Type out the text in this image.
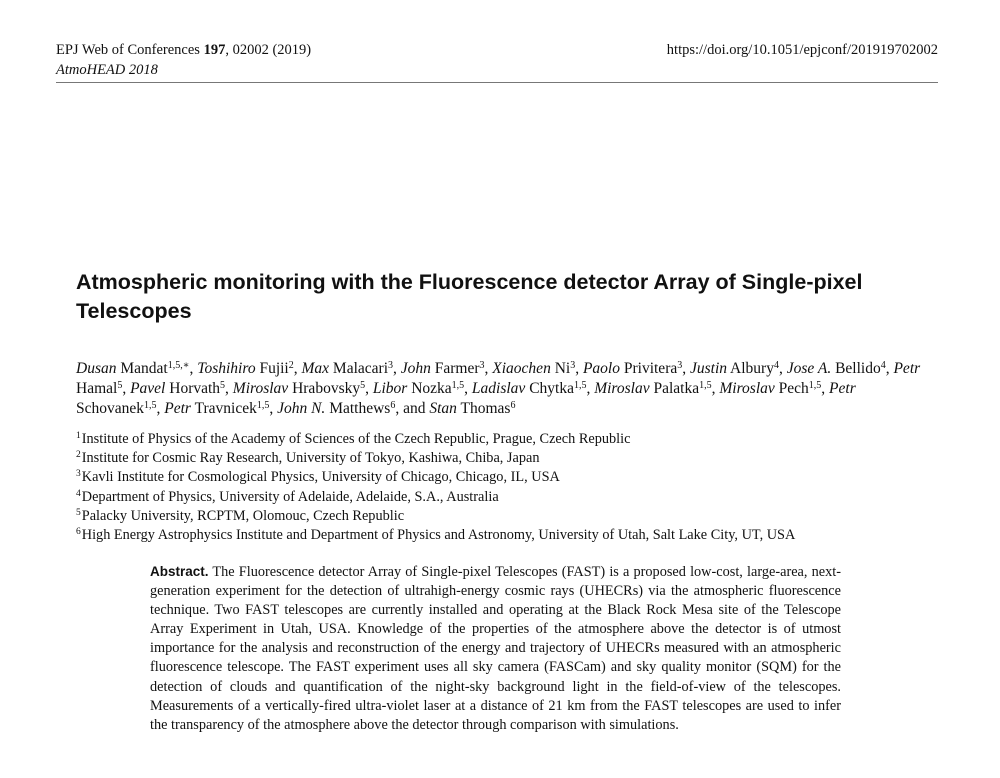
EPJ Web of Conferences 197, 02002 (2019)	https://doi.org/10.1051/epjconf/201919702002
AtmoHEAD 2018
Atmospheric monitoring with the Fluorescence detector Array of Single-pixel Telescopes
Dusan Mandat$^{1,5,∗}$, Toshihiro Fujii$^2$, Max Malacari$^3$, John Farmer$^3$, Xiaochen Ni$^3$, Paolo Privitera$^3$, Justin Albury$^4$, Jose A. Bellido$^4$, Petr Hamal$^5$, Pavel Horvath$^5$, Miroslav Hrabovsky$^5$, Libor Nozka$^{1,5}$, Ladislav Chytka$^{1,5}$, Miroslav Palatka$^{1,5}$, Miroslav Pech$^{1,5}$, Petr Schovanek$^{1,5}$, Petr Travnicek$^{1,5}$, John N. Matthews$^6$, and Stan Thomas$^6$
$^1$Institute of Physics of the Academy of Sciences of the Czech Republic, Prague, Czech Republic
$^2$Institute for Cosmic Ray Research, University of Tokyo, Kashiwa, Chiba, Japan
$^3$Kavli Institute for Cosmological Physics, University of Chicago, Chicago, IL, USA
$^4$Department of Physics, University of Adelaide, Adelaide, S.A., Australia
$^5$Palacky University, RCPTM, Olomouc, Czech Republic
$^6$High Energy Astrophysics Institute and Department of Physics and Astronomy, University of Utah, Salt Lake City, UT, USA
Abstract. The Fluorescence detector Array of Single-pixel Telescopes (FAST) is a proposed low-cost, large-area, next-generation experiment for the detection of ultrahigh-energy cosmic rays (UHECRs) via the atmospheric fluorescence technique. Two FAST telescopes are currently installed and operating at the Black Rock Mesa site of the Telescope Array Experiment in Utah, USA. Knowledge of the properties of the atmosphere above the detector is of utmost importance for the analysis and reconstruction of the energy and trajectory of UHECRs measured with an atmospheric fluorescence telescope. The FAST experiment uses all sky camera (FASCam) and sky quality monitor (SQM) for the detection of clouds and quantification of the night-sky background light in the field-of-view of the telescopes. Measurements of a vertically-fired ultra-violet laser at a distance of 21 km from the FAST telescopes are used to infer the transparency of the atmosphere above the detector through comparison with simulations.
